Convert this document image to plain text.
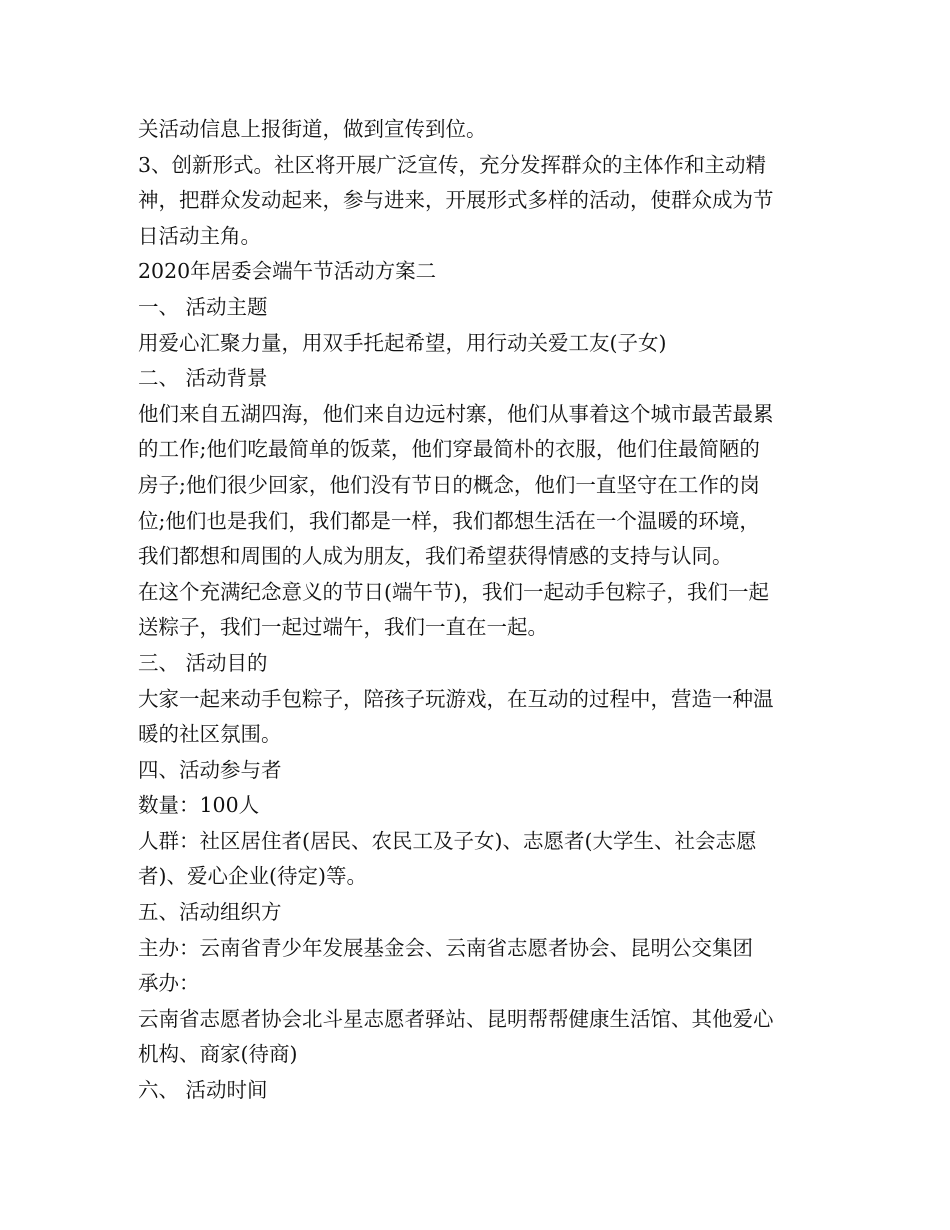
关活动信息上报街道，做到宣传到位。

3、创新形式。社区将开展广泛宣传，充分发挥群众的主体作和主动精

神，把群众发动起来，参与进来，开展形式多样的活动，使群众成为节

日活动主角。

2020年居委会端午节活动方案二

一、 活动主题

用爱心汇聚力量，用双手托起希望，用行动关爱工友(子女)

二、 活动背景

他们来自五湖四海，他们来自边远村寨，他们从事着这个城市最苦最累

的工作;他们吃最简单的饭菜，他们穿最简朴的衣服，他们住最简陋的

房子;他们很少回家，他们没有节日的概念，他们一直坚守在工作的岗

位;他们也是我们，我们都是一样，我们都想生活在一个温暖的环境，

我们都想和周围的人成为朋友，我们希望获得情感的支持与认同。

在这个充满纪念意义的节日(端午节)，我们一起动手包粽子，我们一起

送粽子，我们一起过端午，我们一直在一起。

三、 活动目的

大家一起来动手包粽子，陪孩子玩游戏，在互动的过程中，营造一种温

暖的社区氛围。

四、活动参与者

数量：100人

人群：社区居住者(居民、农民工及子女)、志愿者(大学生、社会志愿

者)、爱心企业(待定)等。

五、活动组织方

主办：云南省青少年发展基金会、云南省志愿者协会、昆明公交集团

承办：

云南省志愿者协会北斗星志愿者驿站、昆明帮帮健康生活馆、其他爱心

机构、商家(待商)

六、 活动时间
